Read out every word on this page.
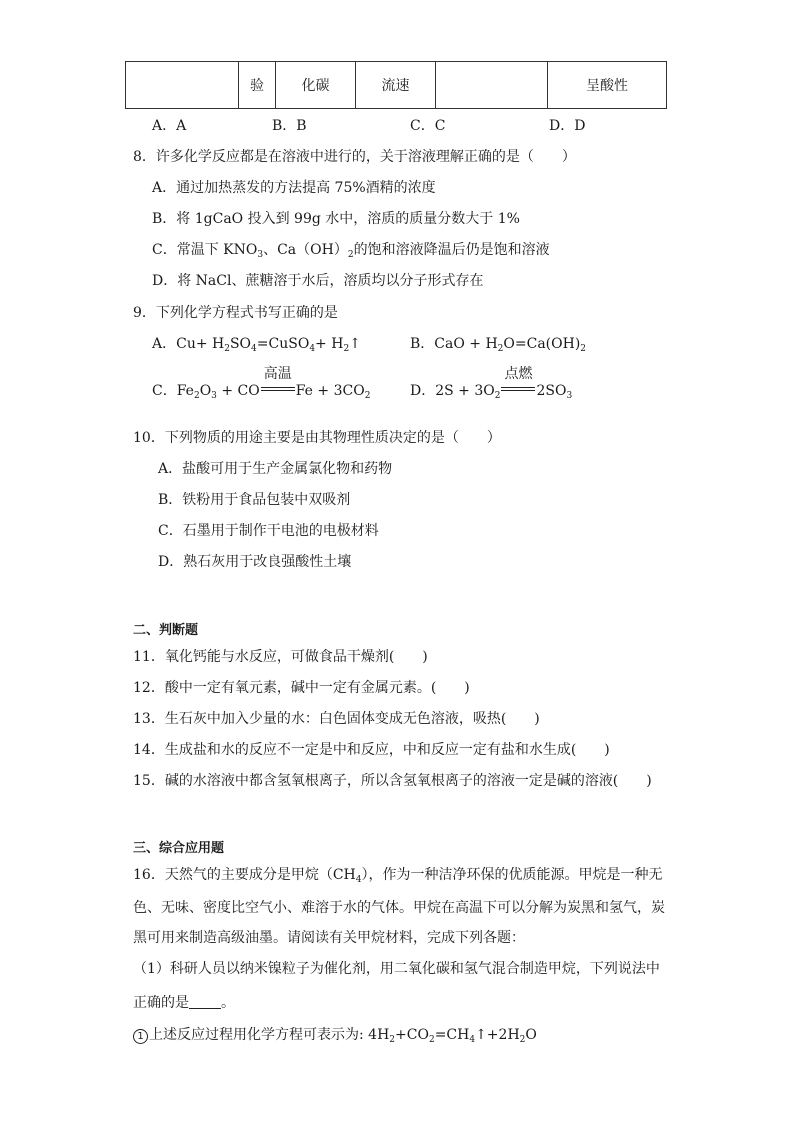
	验	化碳	流速		呈酸性
A．A	B．B	C．C	D．D
8．许多化学反应都是在溶液中进行的，关于溶液理解正确的是（　　）
A．通过加热蒸发的方法提高 75%酒精的浓度
B．将 1gCaO 投入到 99g 水中，溶质的质量分数大于 1%
C．常温下 $KNO_3$、$Ca(OH)_2$的饱和溶液降温后仍是饱和溶液
D．将 NaCl、蔗糖溶于水后，溶质均以分子形式存在
9．下列化学方程式书写正确的是
A．$Cu+ H_2SO_4=CuSO_4+$ $H_2↑$	B．CaO + $H_2O=Ca(OH)_2$
C．$Fe_2O_3$ + CO
高温
$Fe + 3CO_2$	D．$2S + 3O_2$
点燃
$2SO_3$
10．下列物质的用途主要是由其物理性质决定的是（　　）
A．盐酸可用于生产金属氯化物和药物
B．铁粉用于食品包装中双吸剂
C．石墨用于制作干电池的电极材料
D．熟石灰用于改良强酸性土壤
二、判断题
11．氧化钙能与水反应，可做食品干燥剂(　　)
12．酸中一定有氧元素，碱中一定有金属元素。(　　)
13．生石灰中加入少量的水：白色固体变成无色溶液，吸热(　　)
14．生成盐和水的反应不一定是中和反应，中和反应一定有盐和水生成(　　)
15．碱的水溶液中都含氢氧根离子，所以含氢氧根离子的溶液一定是碱的溶液(　　)
三、综合应用题
16．天然气的主要成分是甲烷$(CH_4)$，作为一种洁净环保的优质能源。甲烷是一种无
色、无味、密度比空气小、难溶于水的气体。甲烷在高温下可以分解为炭黑和氢气，炭
黑可用来制造高级油墨。请阅读有关甲烷材料，完成下列各题：
（1）科研人员以纳米镍粒子为催化剂，用二氧化碳和氢气混合制造甲烷，下列说法中
正确的是 。
1 上述反应过程用化学方程可表示为: $4H_2+CO_2=CH_4↑+2H_2O$
